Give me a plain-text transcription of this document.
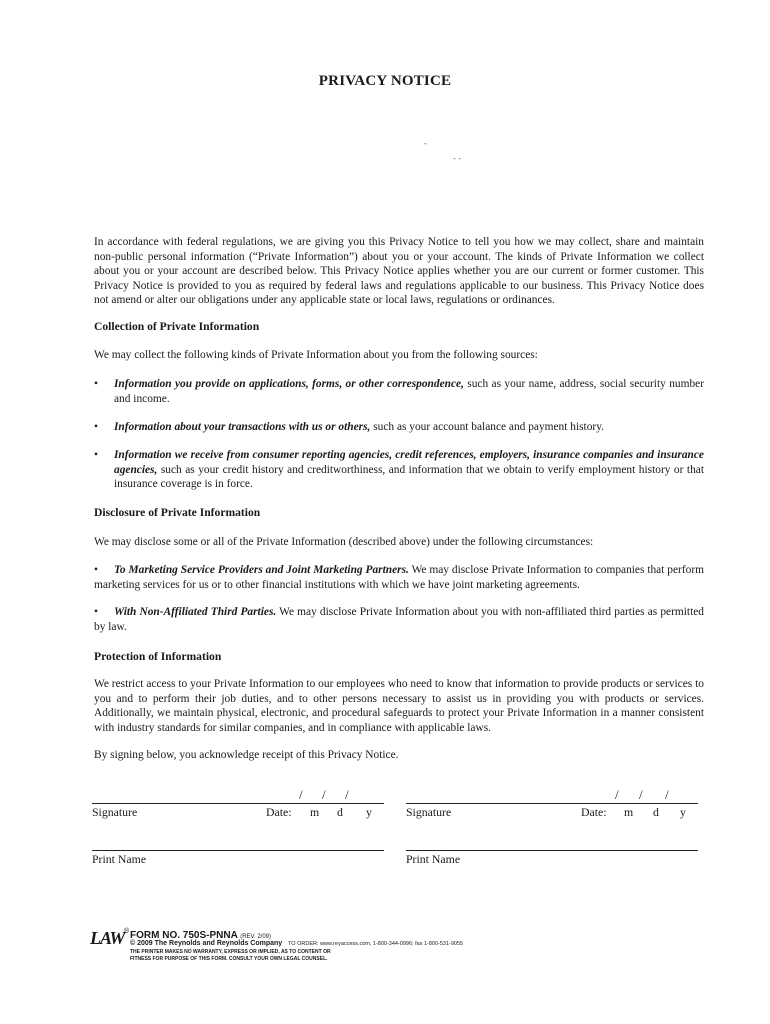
PRIVACY NOTICE
-
- -
In accordance with federal regulations, we are giving you this Privacy Notice to tell you how we may collect, share and maintain non-public personal information (“Private Information”) about you or your account. The kinds of Private Information we collect about you or your account are described below. This Privacy Notice applies whether you are our current or former customer. This Privacy Notice is provided to you as required by federal laws and regulations applicable to our business. This Privacy Notice does not amend or alter our obligations under any applicable state or local laws, regulations or ordinances.
Collection of Private Information
We may collect the following kinds of Private Information about you from the following sources:
•	Information you provide on applications, forms, or other correspondence, such as your name, address, social security number and income.
•	Information about your transactions with us or others, such as your account balance and payment history.
•	Information we receive from consumer reporting agencies, credit references, employers, insurance companies and insurance agencies, such as your credit history and creditworthiness, and information that we obtain to verify employment history or that insurance coverage is in force.
Disclosure of Private Information
We may disclose some or all of the Private Information (described above) under the following circumstances:
•	To Marketing Service Providers and Joint Marketing Partners. We may disclose Private Information to companies that perform marketing services for us or to other financial institutions with which we have joint marketing agreements.
•	With Non-Affiliated Third Parties. We may disclose Private Information about you with non-affiliated third parties as permitted by law.
Protection of Information
We restrict access to your Private Information to our employees who need to know that information to provide products or services to you and to perform their job duties, and to other persons necessary to assist us in providing you with products or services. Additionally, we maintain physical, electronic, and procedural safeguards to protect your Private Information in a manner consistent with industry standards for similar companies, and in compliance with applicable laws.
By signing below, you acknowledge receipt of this Privacy Notice.
/ / /
Signature	Date: m d y
/ / /
Signature	Date: m d y
Print Name	Print Name
LAW ® FORM NO. 750S-PNNA (REV. 2/09)
© 2009 The Reynolds and Reynolds Company TO ORDER: www.reyaccess.com, 1-800-344-0996; fax 1-800-531-9055
THE PRINTER MAKES NO WARRANTY, EXPRESS OR IMPLIED, AS TO CONTENT OR
FITNESS FOR PURPOSE OF THIS FORM. CONSULT YOUR OWN LEGAL COUNSEL.
